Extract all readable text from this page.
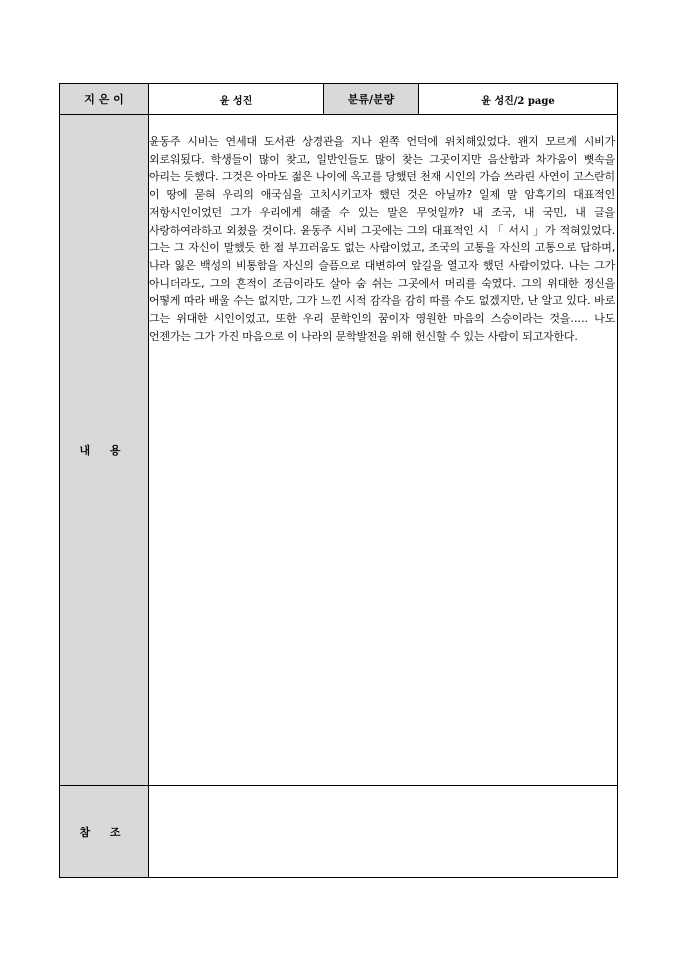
지 은 이	윤 성진	분류/분량	윤 성진/2 page
내 용	윤동주 시비는 연세대 도서관 상경관을 지나 왼쪽 언덕에 위치해있었다. 왠지 모르게 시비가 외로워됬다. 학생들이 많이 찾고, 일반인들도 많이 찾는 그곳이지만 음산함과 차가움이 뼛속을 아리는 듯했다. 그것은 아마도 젊은 나이에 옥고를 당했던 천재 시인의 가슴 쓰라린 사연이 고스란히 이 땅에 묻혀 우리의 애국심을 고치시키고자 했던 것은 아닐까? 일제 말 암흑기의 대표적인 저항시인이었던 그가 우리에게 해줄 수 있는 말은 무엇일까? 내 조국, 내 국민, 내 글을 사랑하여라하고 외쳤을 것이다. 윤동주 시비 그곳에는 그의 대표적인 시 「 서시 」가 적혀있었다. 그는 그 자신이 말했듯 한 점 부끄러움도 없는 사람이었고, 조국의 고통을 자신의 고통으로 답하며, 나라 잃은 백성의 비통함을 자신의 슬픔으로 대변하여 앞길을 열고자 했던 사람이었다. 나는 그가 아니더라도, 그의 흔적이 조금이라도 살아 숨 쉬는 그곳에서 머리를 숙였다. 그의 위대한 정신을 어떻게 따라 배울 수는 없지만, 그가 느낀 시적 감각을 감히 따를 수도 없겠지만, 난 알고 있다. 바로 그는 위대한 시인이었고, 또한 우리 문학인의 꿈이자 영원한 마음의 스승이라는 것을‥‥. 나도 언젠가는 그가 가진 마음으로 이 나라의 문학발전을 위해 헌신할 수 있는 사람이 되고자한다.		

참 조			
